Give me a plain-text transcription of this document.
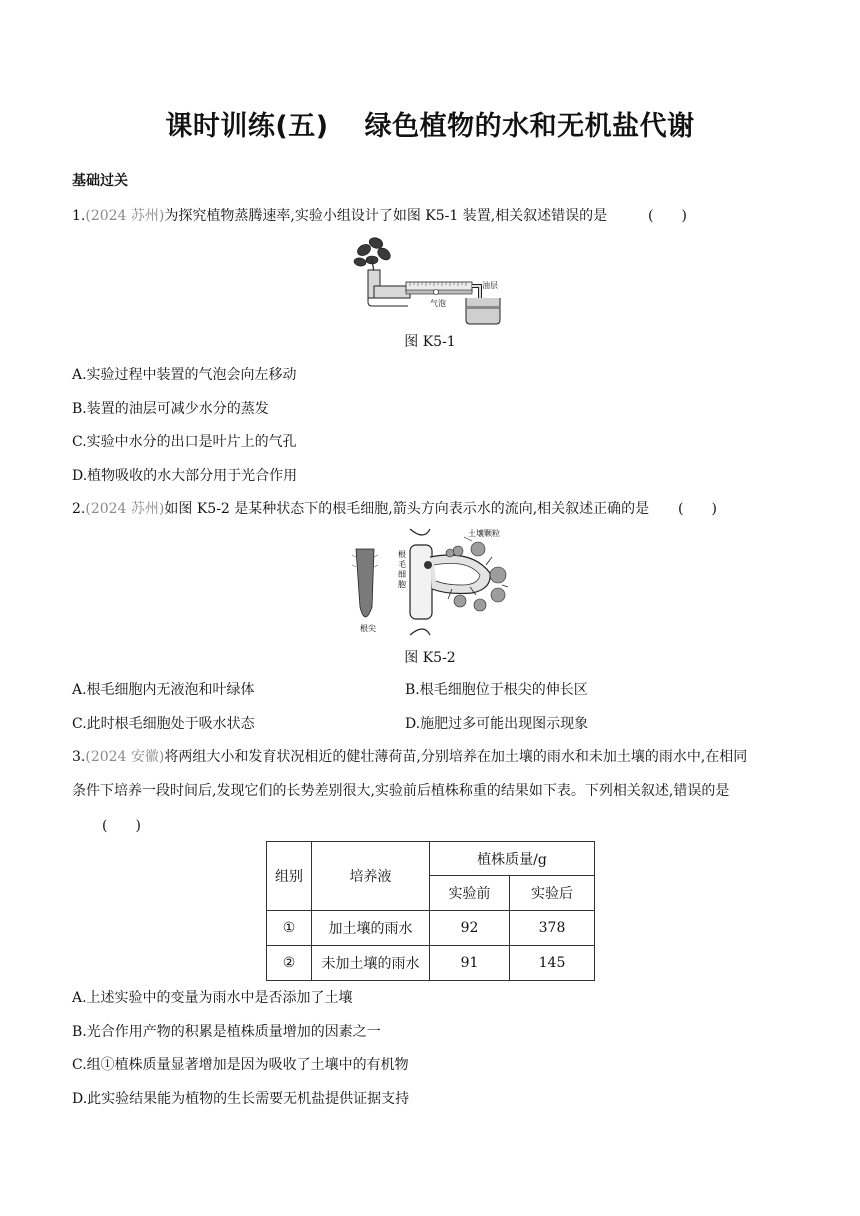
课时训练(五) 绿色植物的水和无机盐代谢
基础过关
1.(2024 苏州)为探究植物蒸腾速率,实验小组设计了如图 K5-1 装置,相关叙述错误的是	(　　)
油层
气泡
图 K5-1
A.实验过程中装置的气泡会向左移动
B.装置的油层可减少水分的蒸发
C.实验中水分的出口是叶片上的气孔
D.植物吸收的水大部分用于光合作用
2.(2024 苏州)如图 K5-2 是某种状态下的根毛细胞,箭头方向表示水的流向,相关叙述正确的是 (　　)
根尖
根毛细胞
土壤颗粒
图 K5-2
A.根毛细胞内无液泡和叶绿体	B.根毛细胞位于根尖的伸长区
C.此时根毛细胞处于吸水状态	D.施肥过多可能出现图示现象
3.(2024 安徽)将两组大小和发育状况相近的健壮薄荷苗,分别培养在加土壤的雨水和未加土壤的雨水中,在相同
条件下培养一段时间后,发现它们的长势差别很大,实验前后植株称重的结果如下表。下列相关叙述,错误的是
(　　)
组别	培养液	植株质量/g	
		实验前	实验后
①	加土壤的雨水	92	378
②	未加土壤的雨水	91	145
A.上述实验中的变量为雨水中是否添加了土壤
B.光合作用产物的积累是植株质量增加的因素之一
C.组①植株质量显著增加是因为吸收了土壤中的有机物
D.此实验结果能为植物的生长需要无机盐提供证据支持
